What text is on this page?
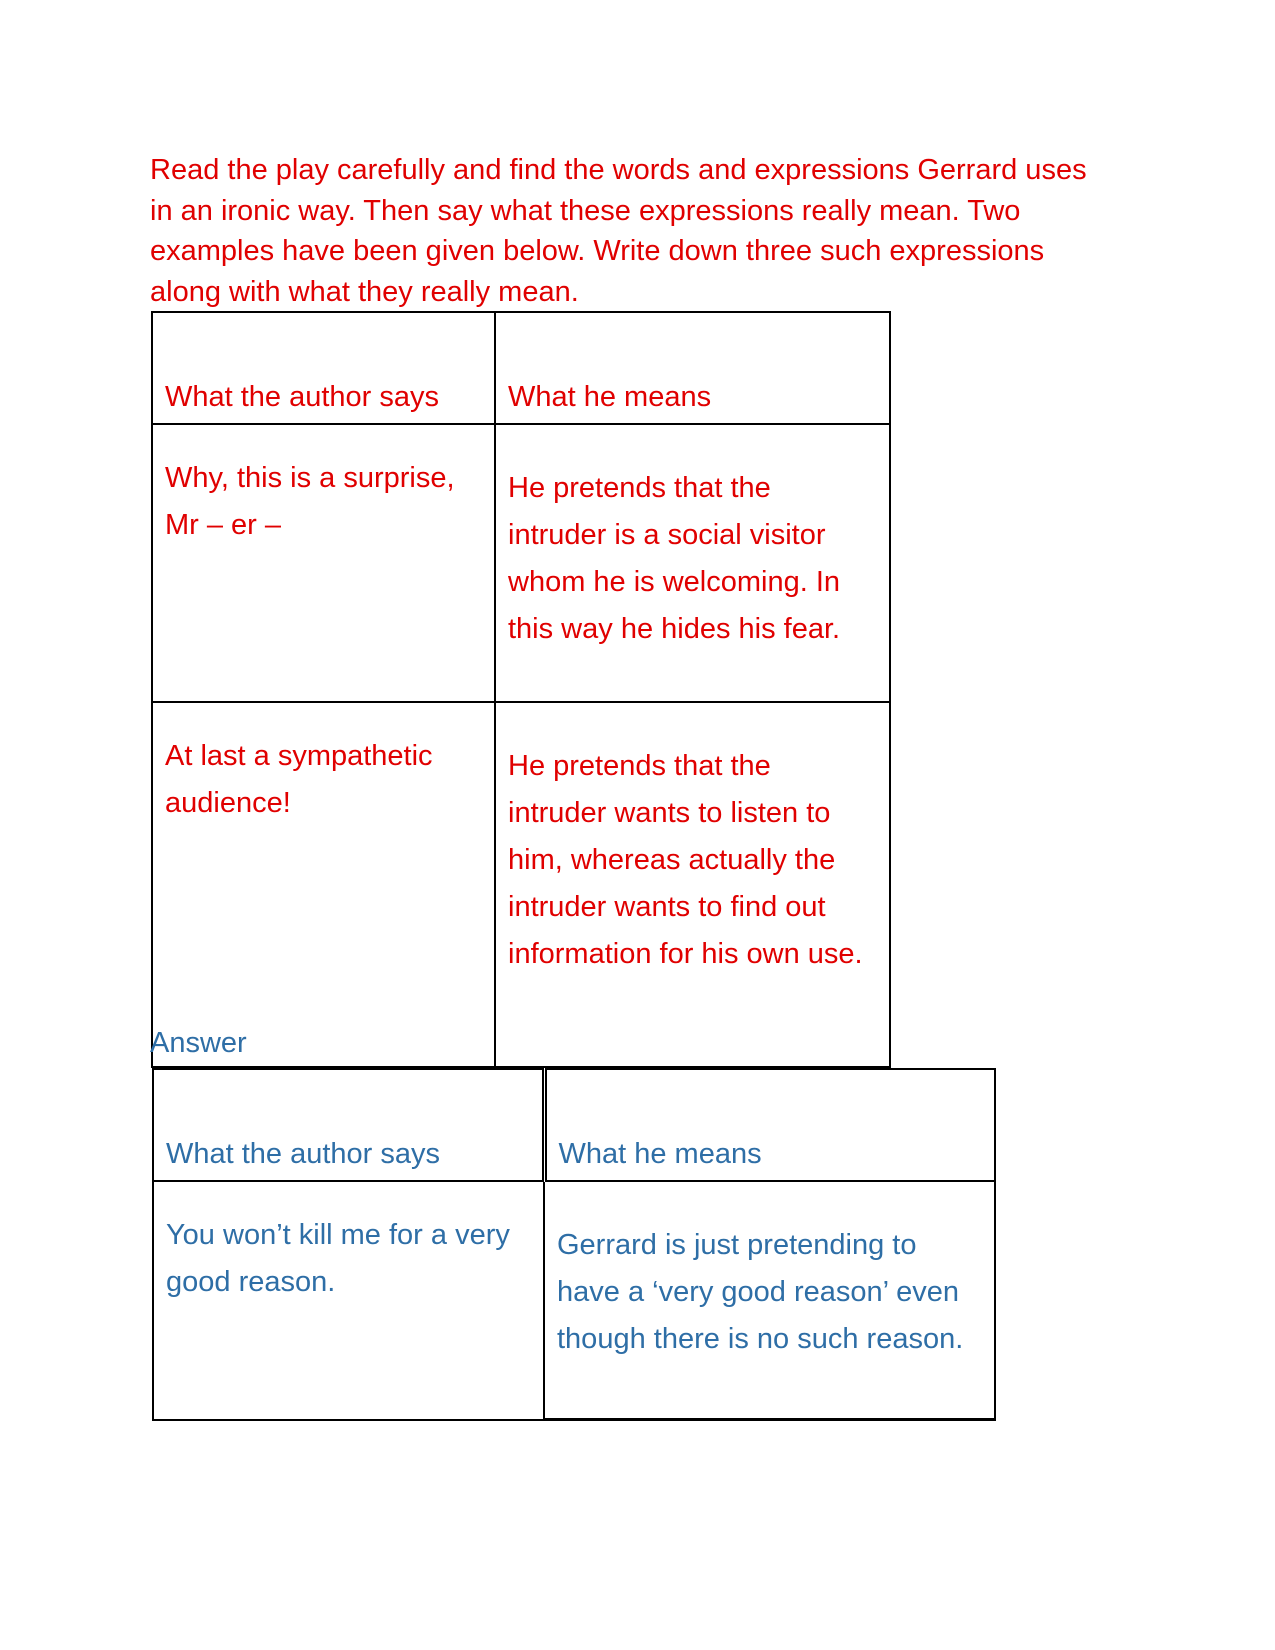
Read the play carefully and find the words and expressions Gerrard uses in an ironic way. Then say what these expressions really mean. Two examples have been given below. Write down three such expressions along with what they really mean.

What the author says	What he means
Why, this is a surprise, Mr – er –	He pretends that the intruder is a social visitor whom he is welcoming. In this way he hides his fear.
At last a sympathetic audience!	He pretends that the intruder wants to listen to him, whereas actually the intruder wants to find out information for his own use.

Answer

What the author says	What he means
You won’t kill me for a very good reason.	Gerrard is just pretending to have a ‘very good reason’ even though there is no such reason.
